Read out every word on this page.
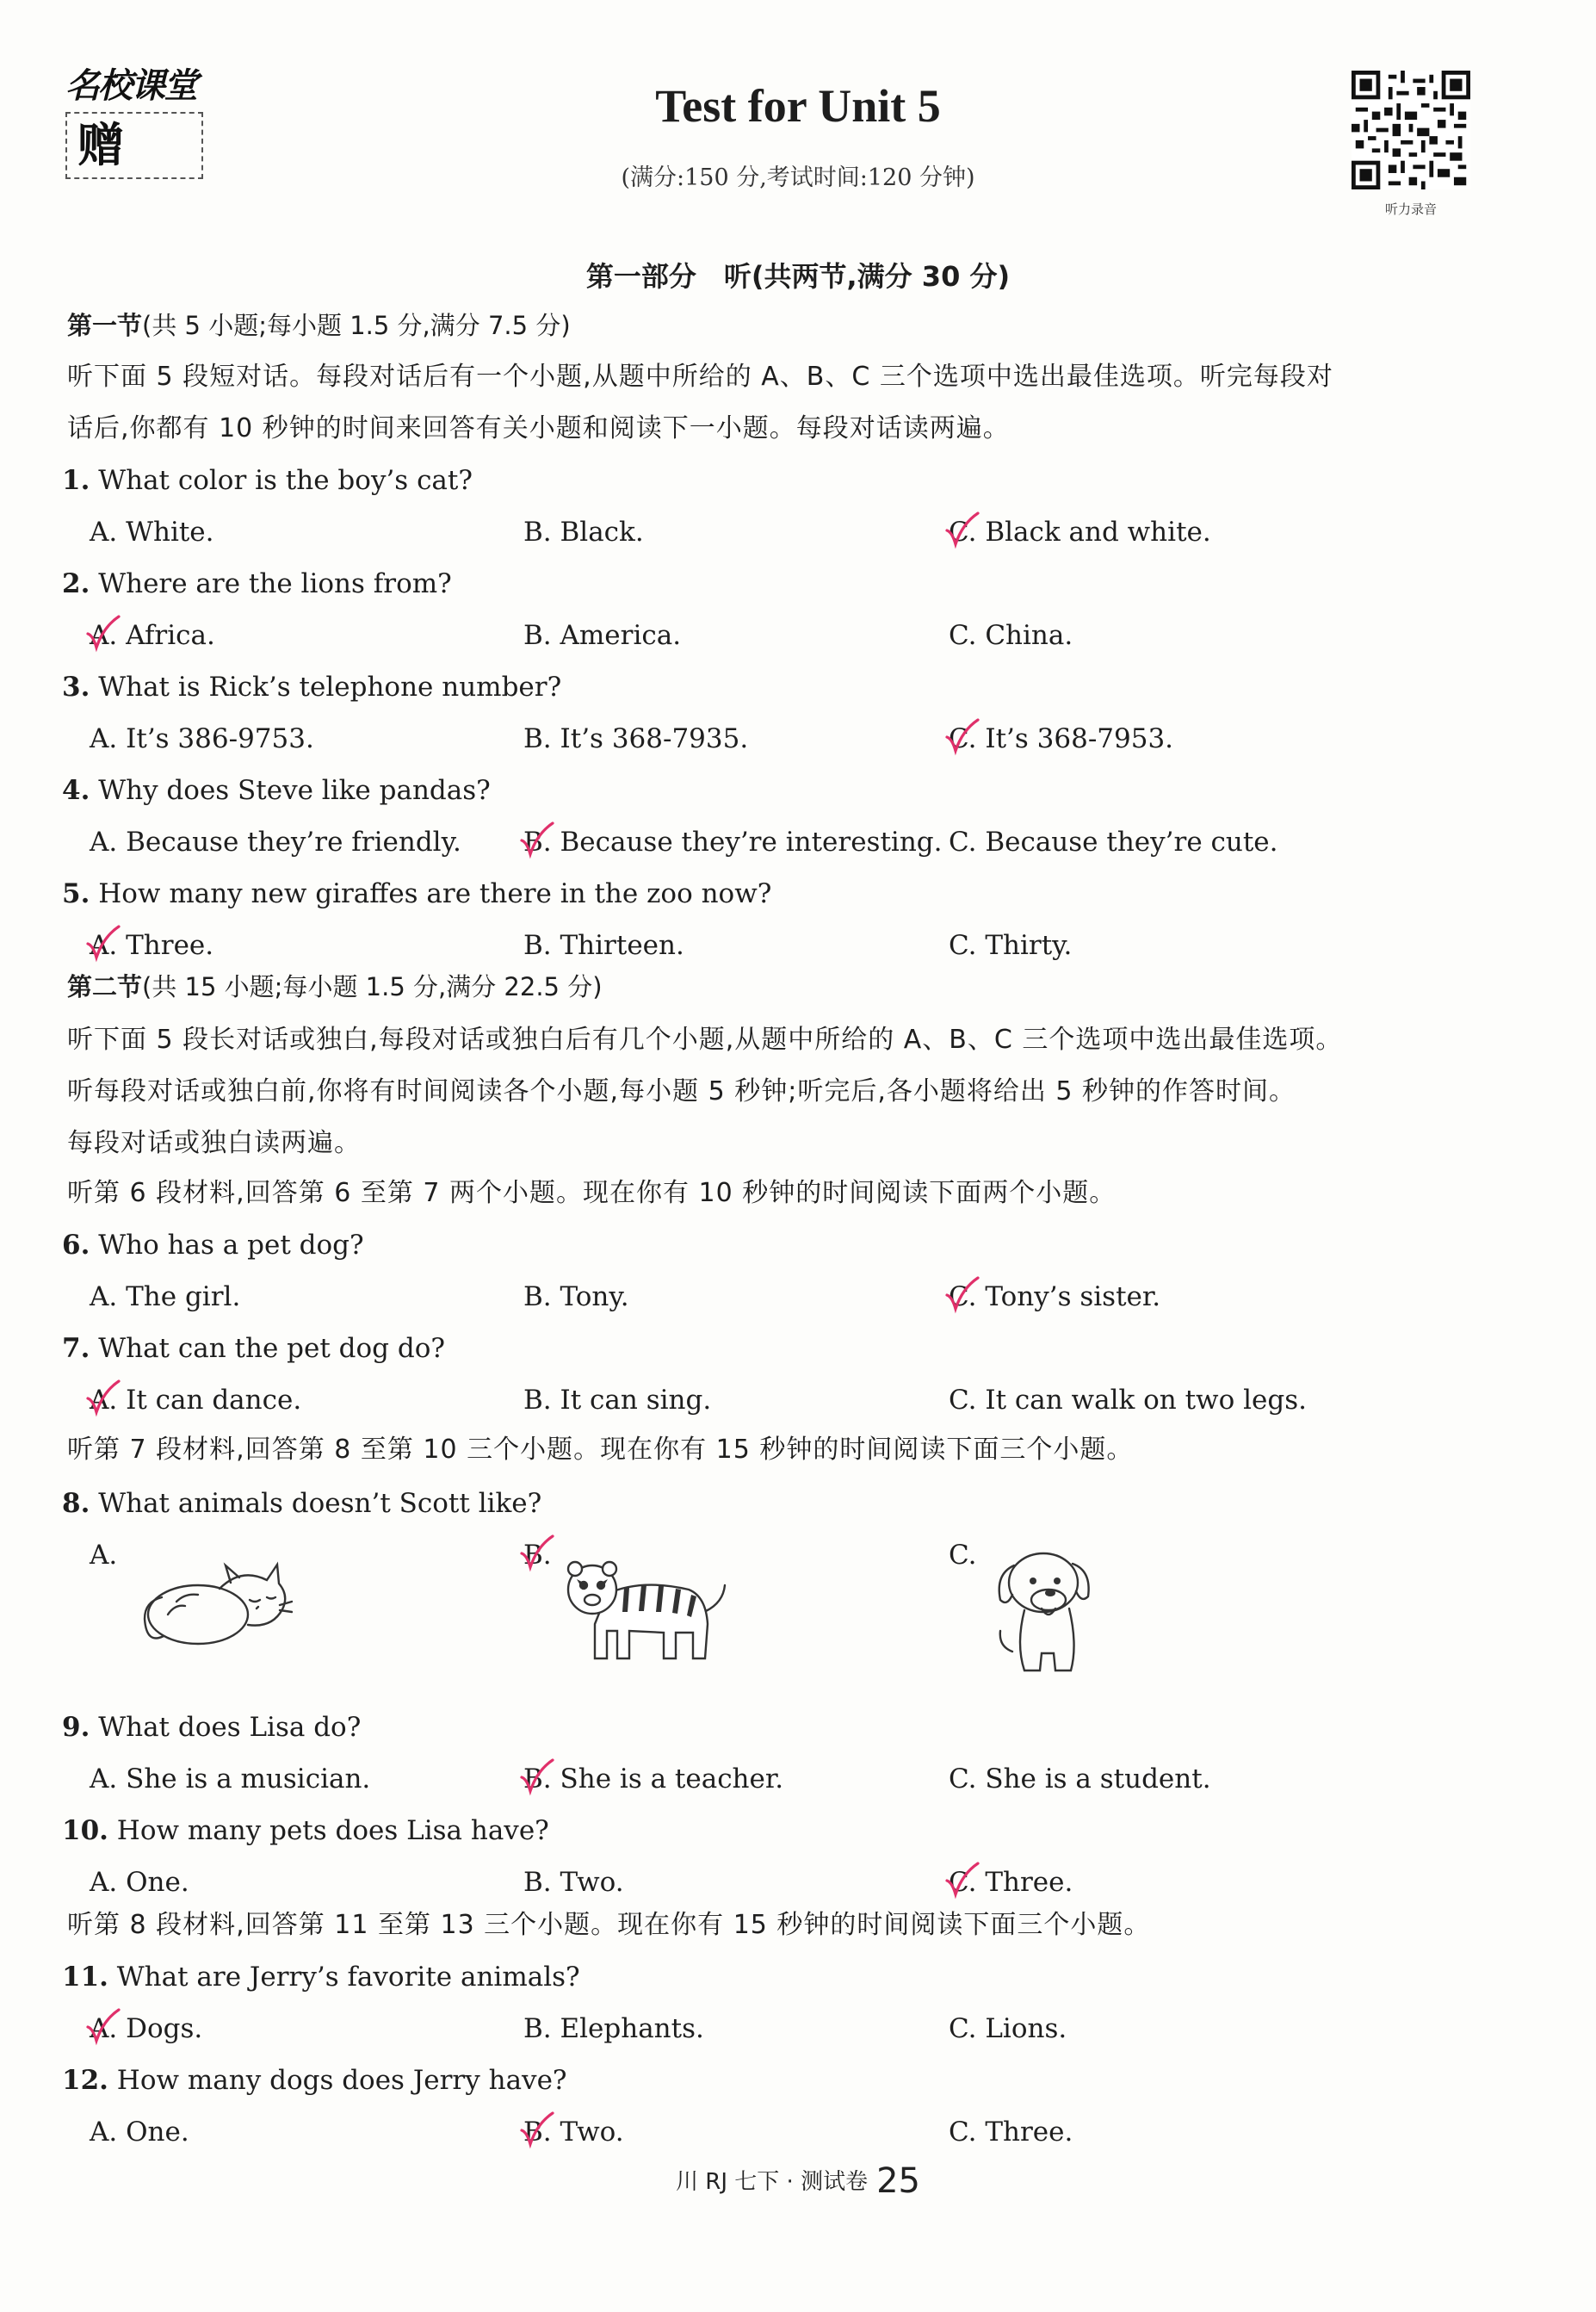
名校课堂
赠
Test for Unit 5
(满分:150 分,考试时间:120 分钟)
听力录音
第一部分　听(共两节,满分 30 分)
第一节(共 5 小题;每小题 1.5 分,满分 7.5 分)
听下面 5 段短对话。每段对话后有一个小题,从题中所给的 A、B、C 三个选项中选出最佳选项。听完每段对
话后,你都有 10 秒钟的时间来回答有关小题和阅读下一小题。每段对话读两遍。
1. What color is the boy’s cat?
A. White.	B. Black.	C. Black and white.
2. Where are the lions from?
A. Africa.	B. America.	C. China.
3. What is Rick’s telephone number?
A. It’s 386-9753.	B. It’s 368-7935.	C. It’s 368-7953.
4. Why does Steve like pandas?
A. Because they’re friendly. B. Because they’re interesting. C. Because they’re cute.
5. How many new giraffes are there in the zoo now?
A. Three.	B. Thirteen.	C. Thirty.
6. Who has a pet dog?
A. The girl.	B. Tony.	C. Tony’s sister.
7. What can the pet dog do?
A. It can dance.	B. It can sing.	C. It can walk on two legs.
8. What animals doesn’t Scott like?
A.	B.	C.
9. What does Lisa do?
A. She is a musician.	B. She is a teacher.	C. She is a student.
10. How many pets does Lisa have?
A. One.	B. Two.	C. Three.
11. What are Jerry’s favorite animals?
A. Dogs.	B. Elephants.	C. Lions.
12. How many dogs does Jerry have?
A. One.	B. Two.	C. Three.
第二节(共 15 小题;每小题 1.5 分,满分 22.5 分)
听下面 5 段长对话或独白,每段对话或独白后有几个小题,从题中所给的 A、B、C 三个选项中选出最佳选项。
听每段对话或独白前,你将有时间阅读各个小题,每小题 5 秒钟;听完后,各小题将给出 5 秒钟的作答时间。
每段对话或独白读两遍。
听第 6 段材料,回答第 6 至第 7 两个小题。现在你有 10 秒钟的时间阅读下面两个小题。
听第 7 段材料,回答第 8 至第 10 三个小题。现在你有 15 秒钟的时间阅读下面三个小题。
听第 8 段材料,回答第 11 至第 13 三个小题。现在你有 15 秒钟的时间阅读下面三个小题。
川 RJ 七下 · 测试卷 25
